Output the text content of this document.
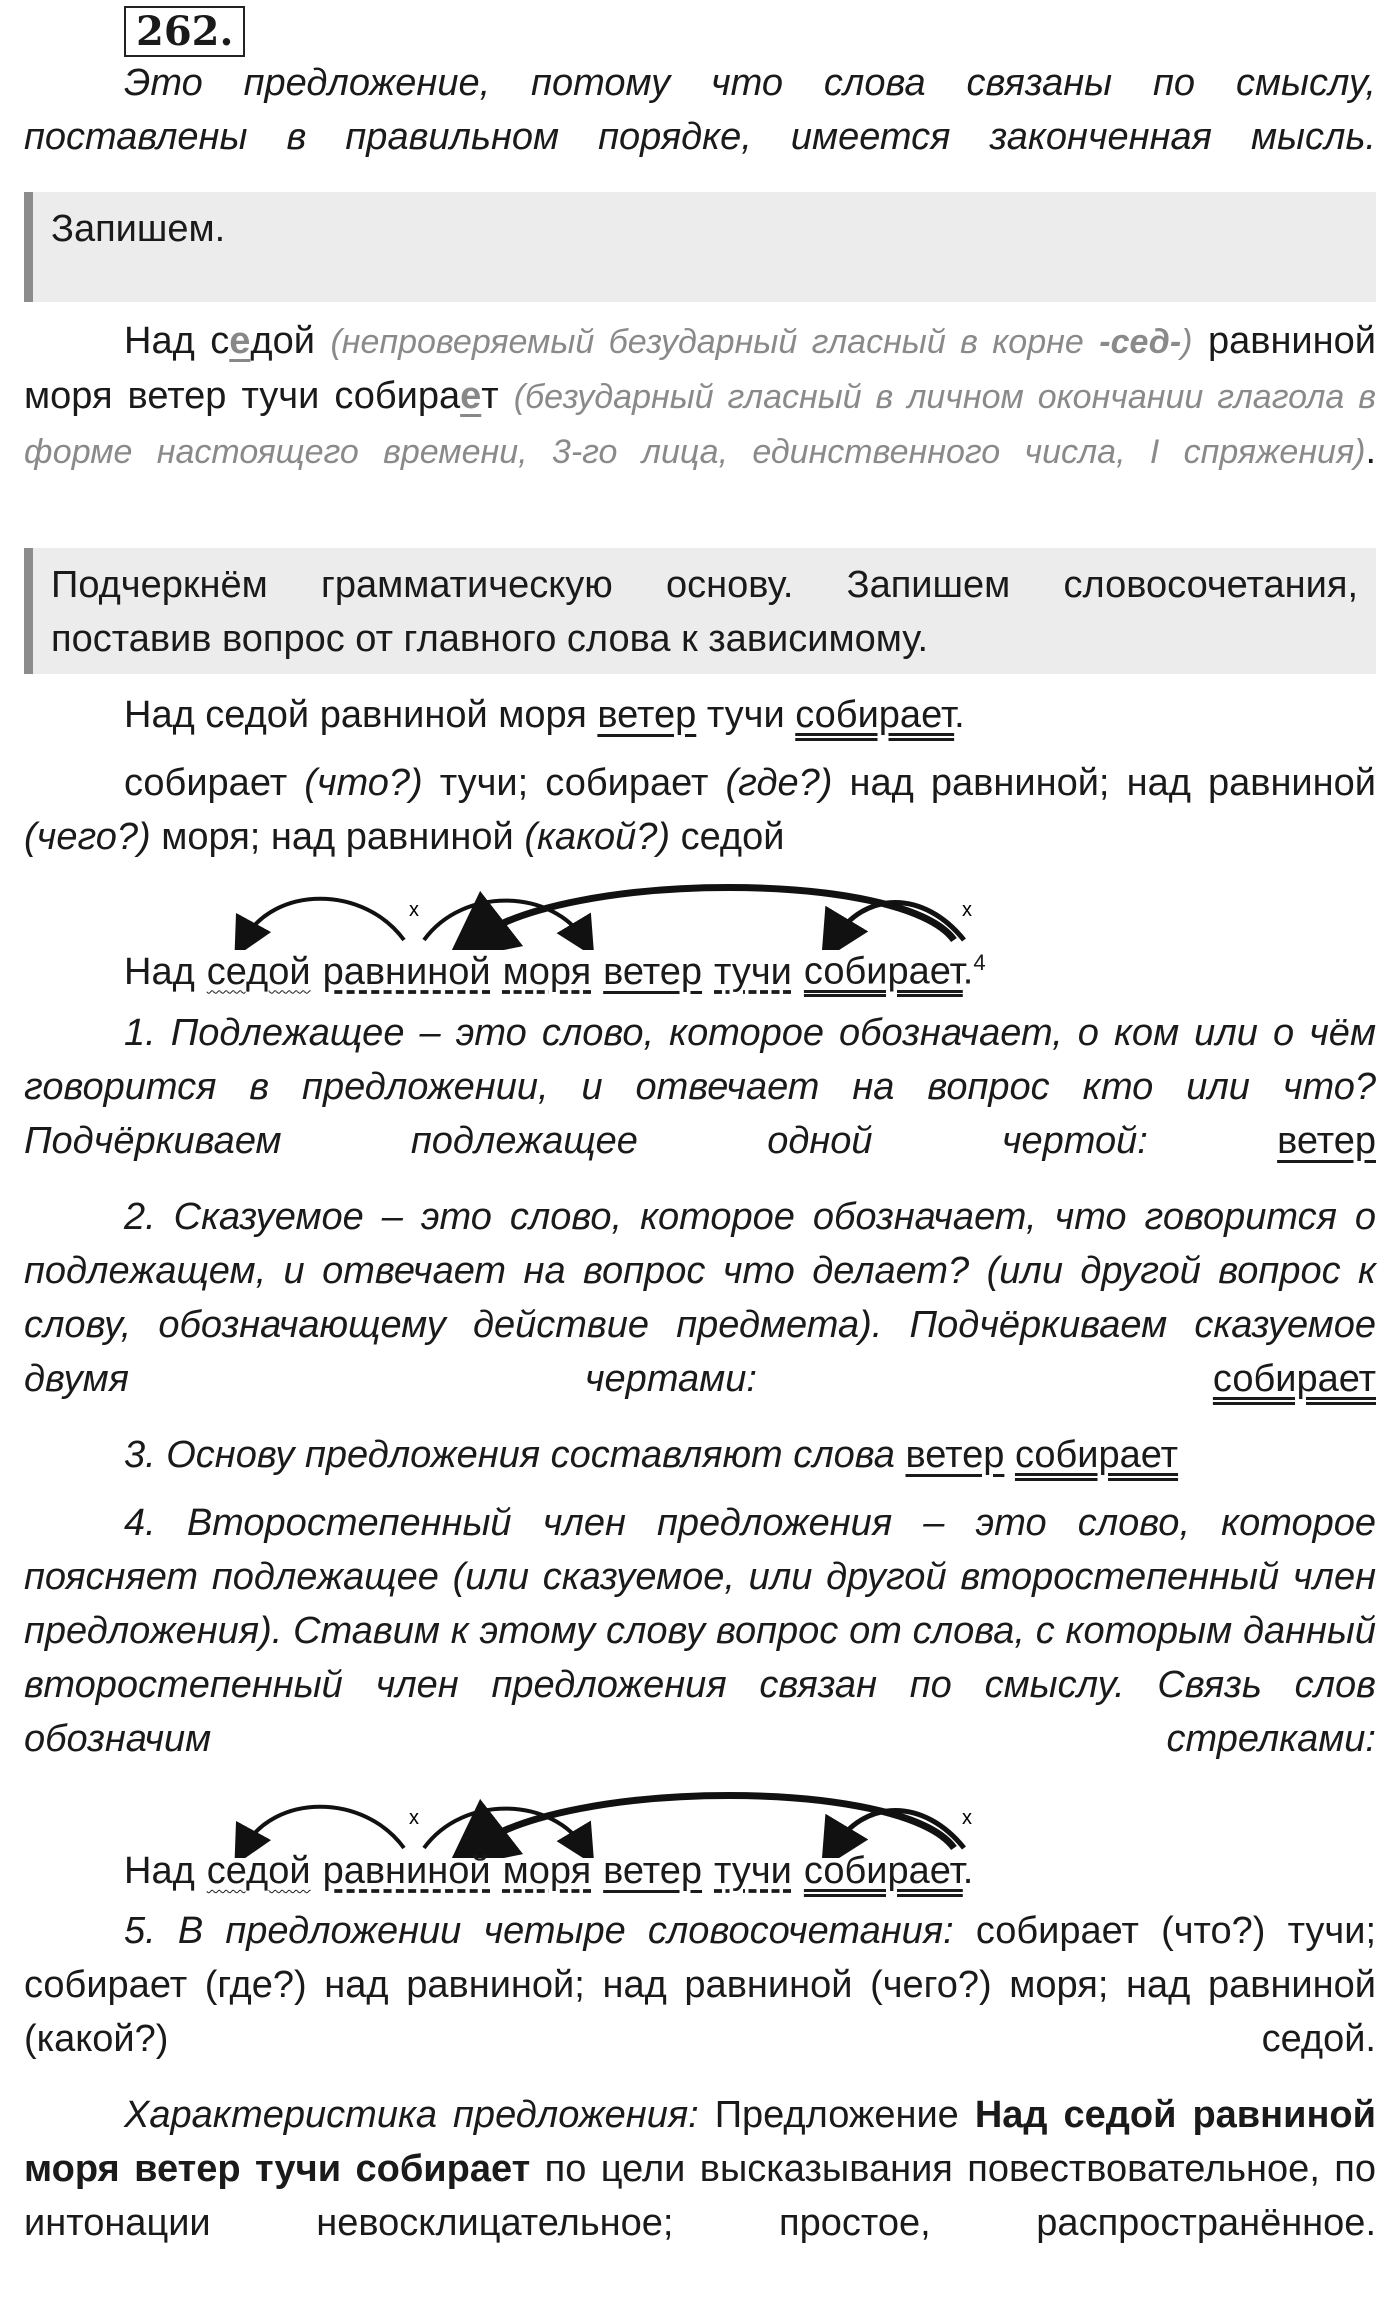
262.
Это предложение, потому что слова связаны по смыслу, поставлены в правильном порядке, имеется законченная мысль.
Запишем.
Над седой (непроверяемый безударный гласный в корне -сед-) равниной моря ветер тучи собирает (безударный гласный в личном окончании глагола в форме настоящего времени, 3-го лица, единственного числа, I спряжения).
Подчеркнём грамматическую основу. Запишем словосочетания, поставив вопрос от главного слова к зависимому.
Над седой равниной моря ветер тучи собирает.
собирает (что?) тучи; собирает (где?) над равниной; над равниной (чего?) моря; над равниной (какой?) седой
x	x
Над седой равниной моря ветер тучи собирает.$^4$
1. Подлежащее – это слово, которое обозначает, о ком или о чём говорится в предложении, и отвечает на вопрос кто или что? Подчёркиваем подлежащее одной чертой: ветер
2. Сказуемое – это слово, которое обозначает, что говорится о подлежащем, и отвечает на вопрос что делает? (или другой вопрос к слову, обозначающему действие предмета). Подчёркиваем сказуемое двумя чертами: собирает
3. Основу предложения составляют слова ветер собирает
4. Второстепенный член предложения – это слово, которое поясняет подлежащее (или сказуемое, или другой второстепенный член предложения). Ставим к этому слову вопрос от слова, с которым данный второстепенный член предложения связан по смыслу. Связь слов обозначим стрелками:
x	x
Над седой равниной моря ветер тучи собирает.
5. В предложении четыре словосочетания: собирает (что?) тучи; собирает (где?) над равниной; над равниной (чего?) моря; над равниной (какой?) седой.
Характеристика предложения: Предложение Над седой равниной моря ветер тучи собирает по цели высказывания повествовательное, по интонации невосклицательное; простое, распространённое.
